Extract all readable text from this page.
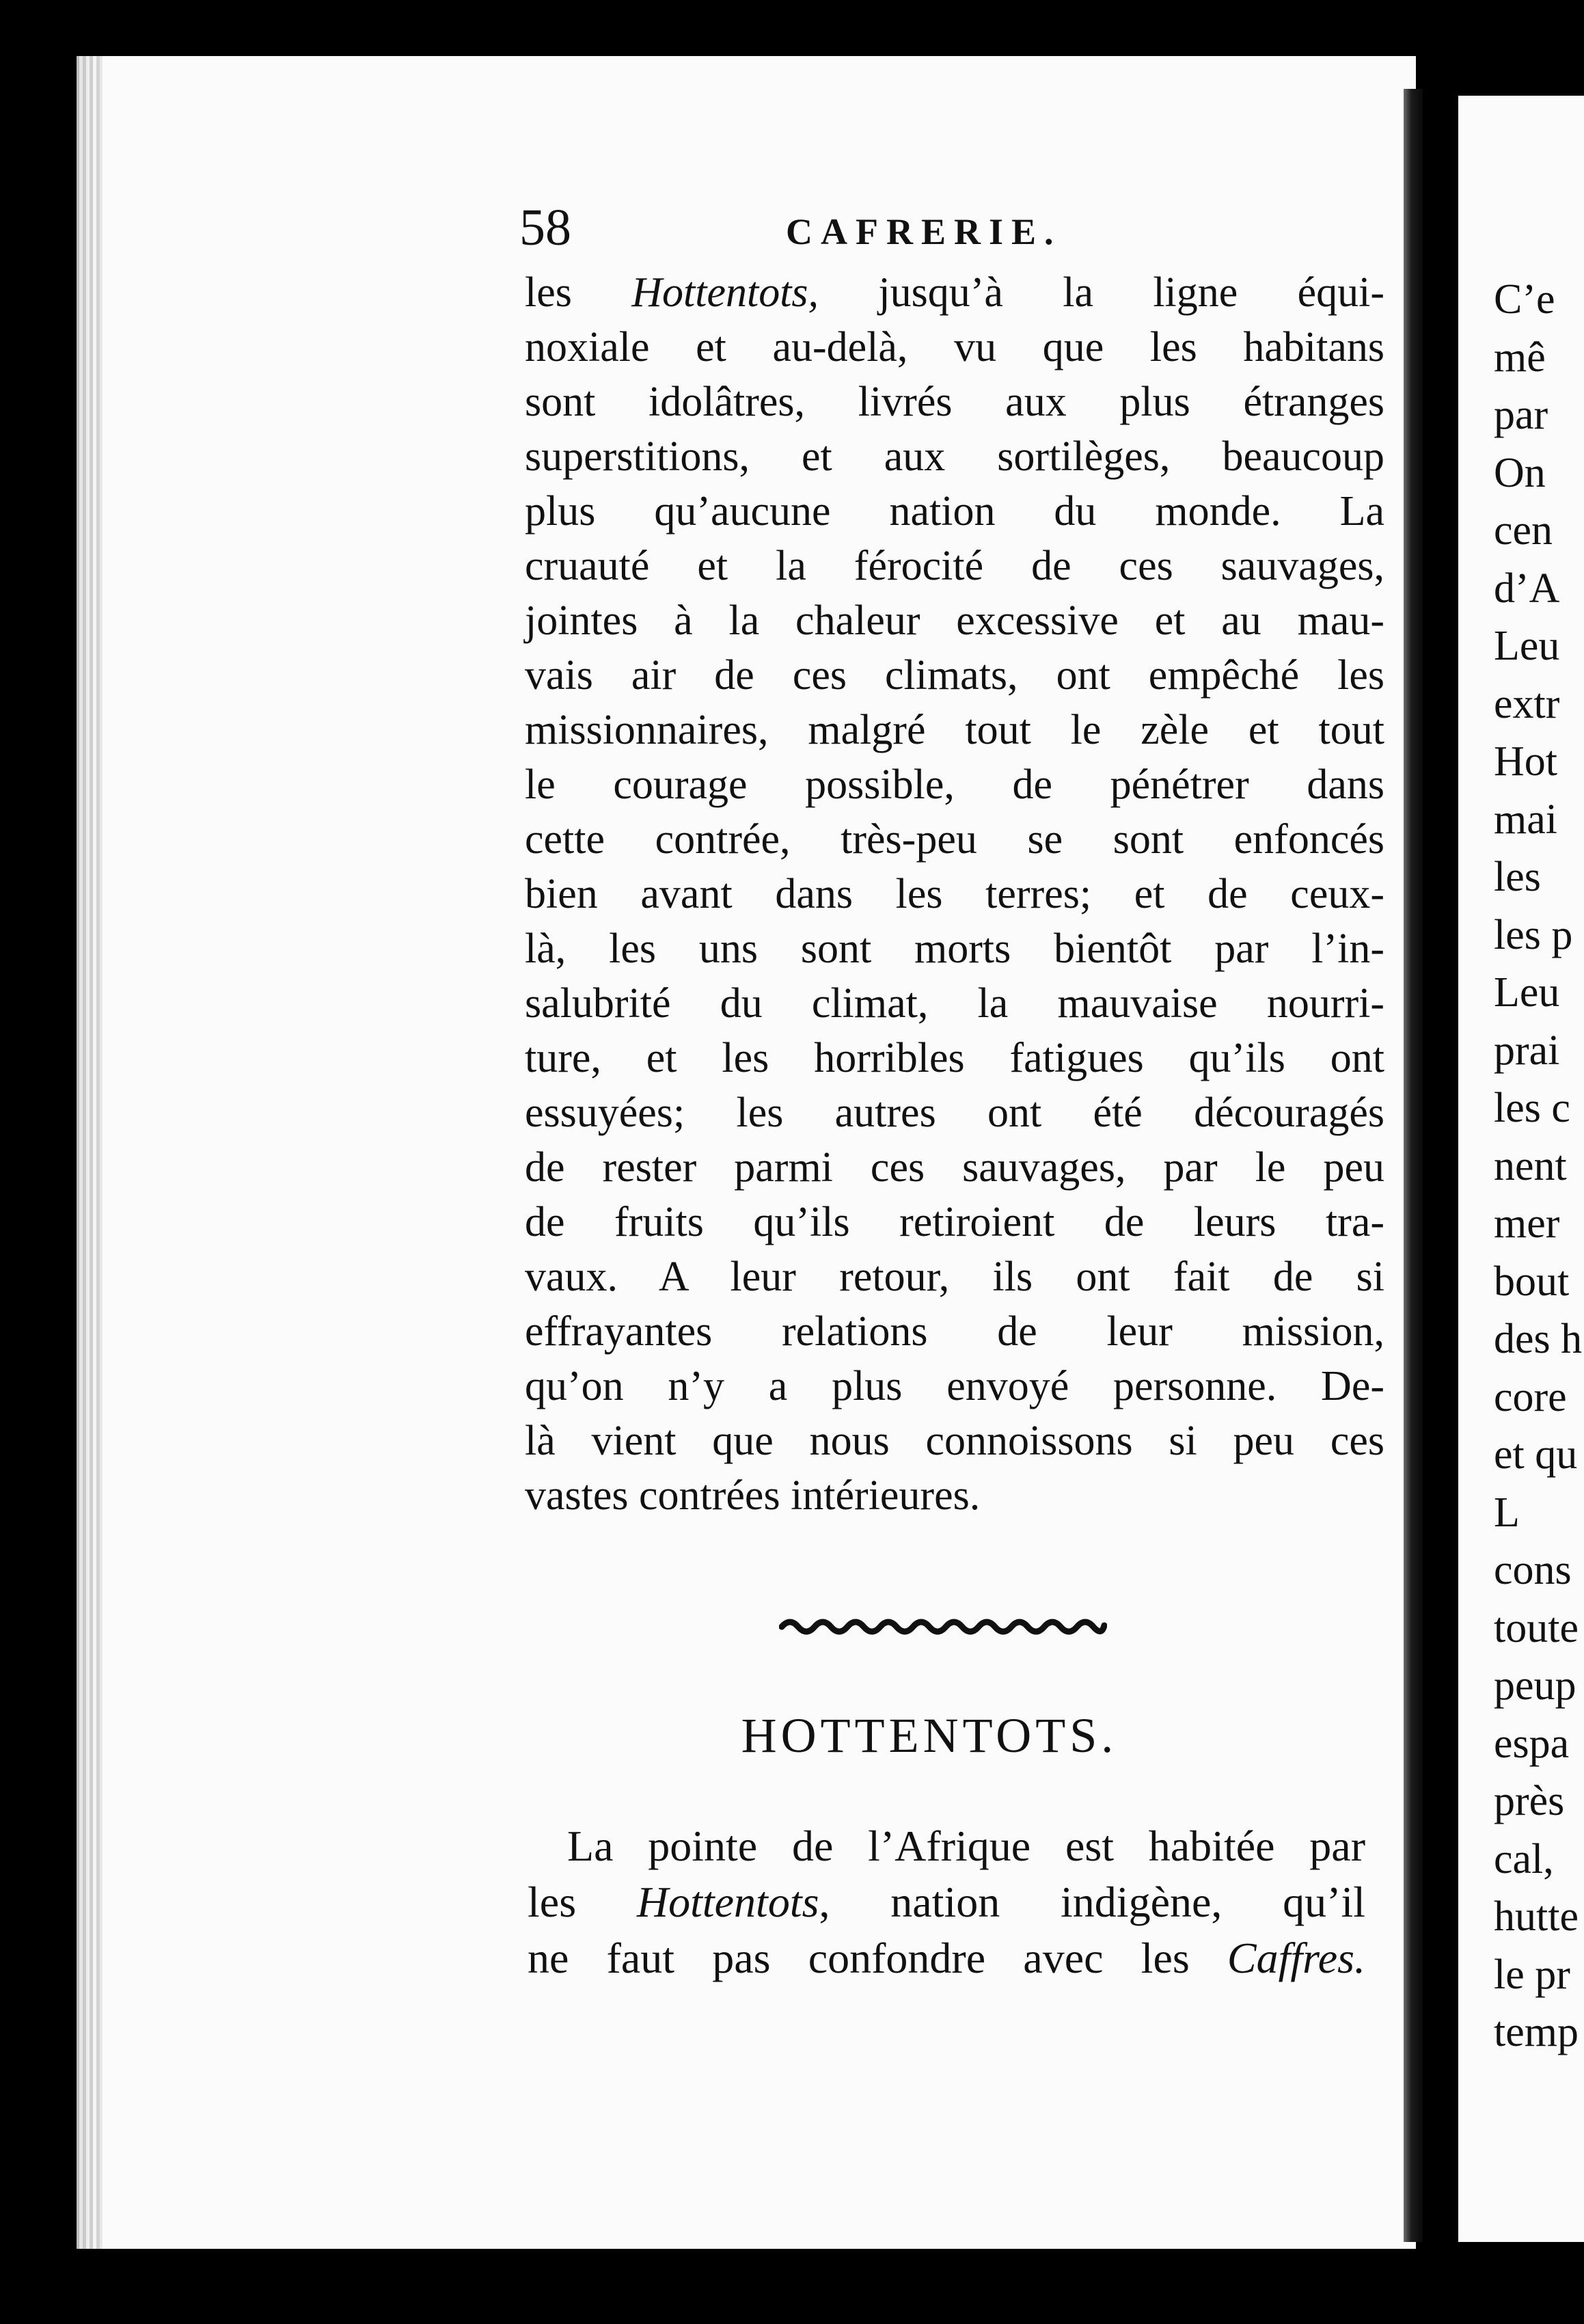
58	CAFRERIE.
les Hottentots, jusqu’à la ligne équi-
noxiale et au-delà, vu que les habitans
sont idolâtres, livrés aux plus étranges
superstitions, et aux sortilèges, beaucoup
plus qu’aucune nation du monde. La
cruauté et la férocité de ces sauvages,
jointes à la chaleur excessive et au mau-
vais air de ces climats, ont empêché les
missionnaires, malgré tout le zèle et tout
le courage possible, de pénétrer dans
cette contrée, très-peu se sont enfoncés
bien avant dans les terres; et de ceux-
là, les uns sont morts bientôt par l’in-
salubrité du climat, la mauvaise nourri-
ture, et les horribles fatigues qu’ils ont
essuyées; les autres ont été découragés
de rester parmi ces sauvages, par le peu
de fruits qu’ils retiroient de leurs tra-
vaux. A leur retour, ils ont fait de si
effrayantes relations de leur mission,
qu’on n’y a plus envoyé personne. De-
là vient que nous connoissons si peu ces
vastes contrées intérieures.
HOTTENTOTS.
La pointe de l’Afrique est habitée par
les Hottentots, nation indigène, qu’il
ne faut pas confondre avec les Caffres.
C’e
mê
par
On
cen
d’A
Leu
extr
Hot
mai
les
les p
Leu
prai
les c
nent
mer
bout
des h
core
et qu
L
cons
toute
peup
espa
près
cal,
hutte
le pr
temp
